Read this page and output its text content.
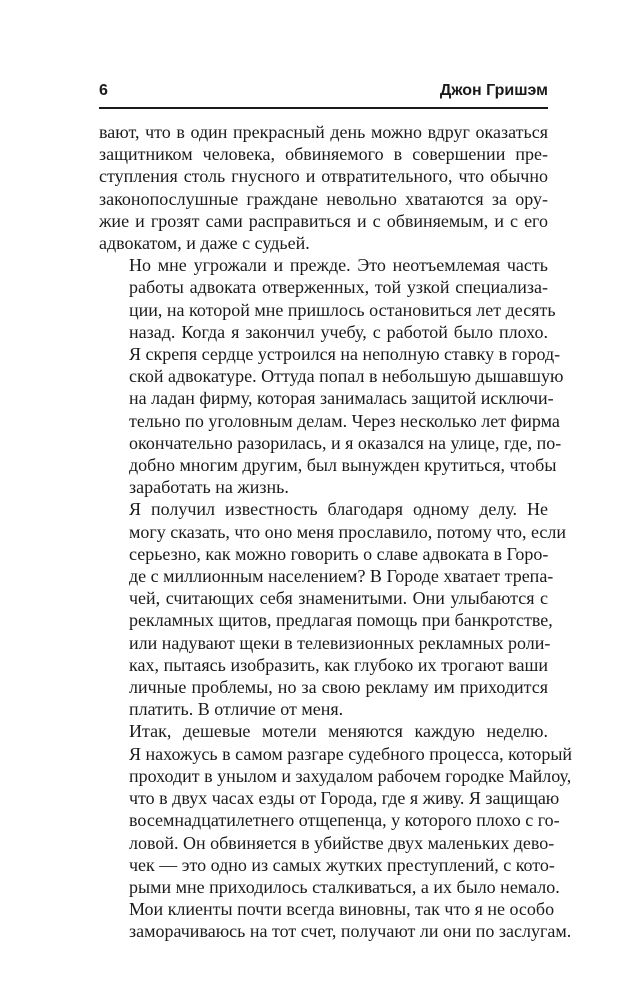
6	Джон Гришэм

вают, что в один прекрасный день можно вдруг оказаться
защитником человека, обвиняемого в совершении пре-
ступления столь гнусного и отвратительного, что обычно
законопослушные граждане невольно хватаются за ору-
жие и грозят сами расправиться и с обвиняемым, и с его
адвокатом, и даже с судьей.

Но мне угрожали и прежде. Это неотъемлемая часть
работы адвоката отверженных, той узкой специализа-
ции, на которой мне пришлось остановиться лет десять
назад. Когда я закончил учебу, с работой было плохо.
Я скрепя сердце устроился на неполную ставку в город-
ской адвокатуре. Оттуда попал в небольшую дышавшую
на ладан фирму, которая занималась защитой исключи-
тельно по уголовным делам. Через несколько лет фирма
окончательно разорилась, и я оказался на улице, где, по-
добно многим другим, был вынужден крутиться, чтобы
заработать на жизнь.

Я получил известность благодаря одному делу. Не
могу сказать, что оно меня прославило, потому что, если
серьезно, как можно говорить о славе адвоката в Горо-
де с миллионным населением? В Городе хватает трепа-
чей, считающих себя знаменитыми. Они улыбаются с
рекламных щитов, предлагая помощь при банкротстве,
или надувают щеки в телевизионных рекламных роли-
ках, пытаясь изобразить, как глубоко их трогают ваши
личные проблемы, но за свою рекламу им приходится
платить. В отличие от меня.

Итак, дешевые мотели меняются каждую неделю.
Я нахожусь в самом разгаре судебного процесса, который
проходит в унылом и захудалом рабочем городке Майлоу,
что в двух часах езды от Города, где я живу. Я защищаю
восемнадцатилетнего отщепенца, у которого плохо с го-
ловой. Он обвиняется в убийстве двух маленьких дево-
чек — это одно из самых жутких преступлений, с кото-
рыми мне приходилось сталкиваться, а их было немало.
Мои клиенты почти всегда виновны, так что я не особо
заморачиваюсь на тот счет, получают ли они по заслугам.
